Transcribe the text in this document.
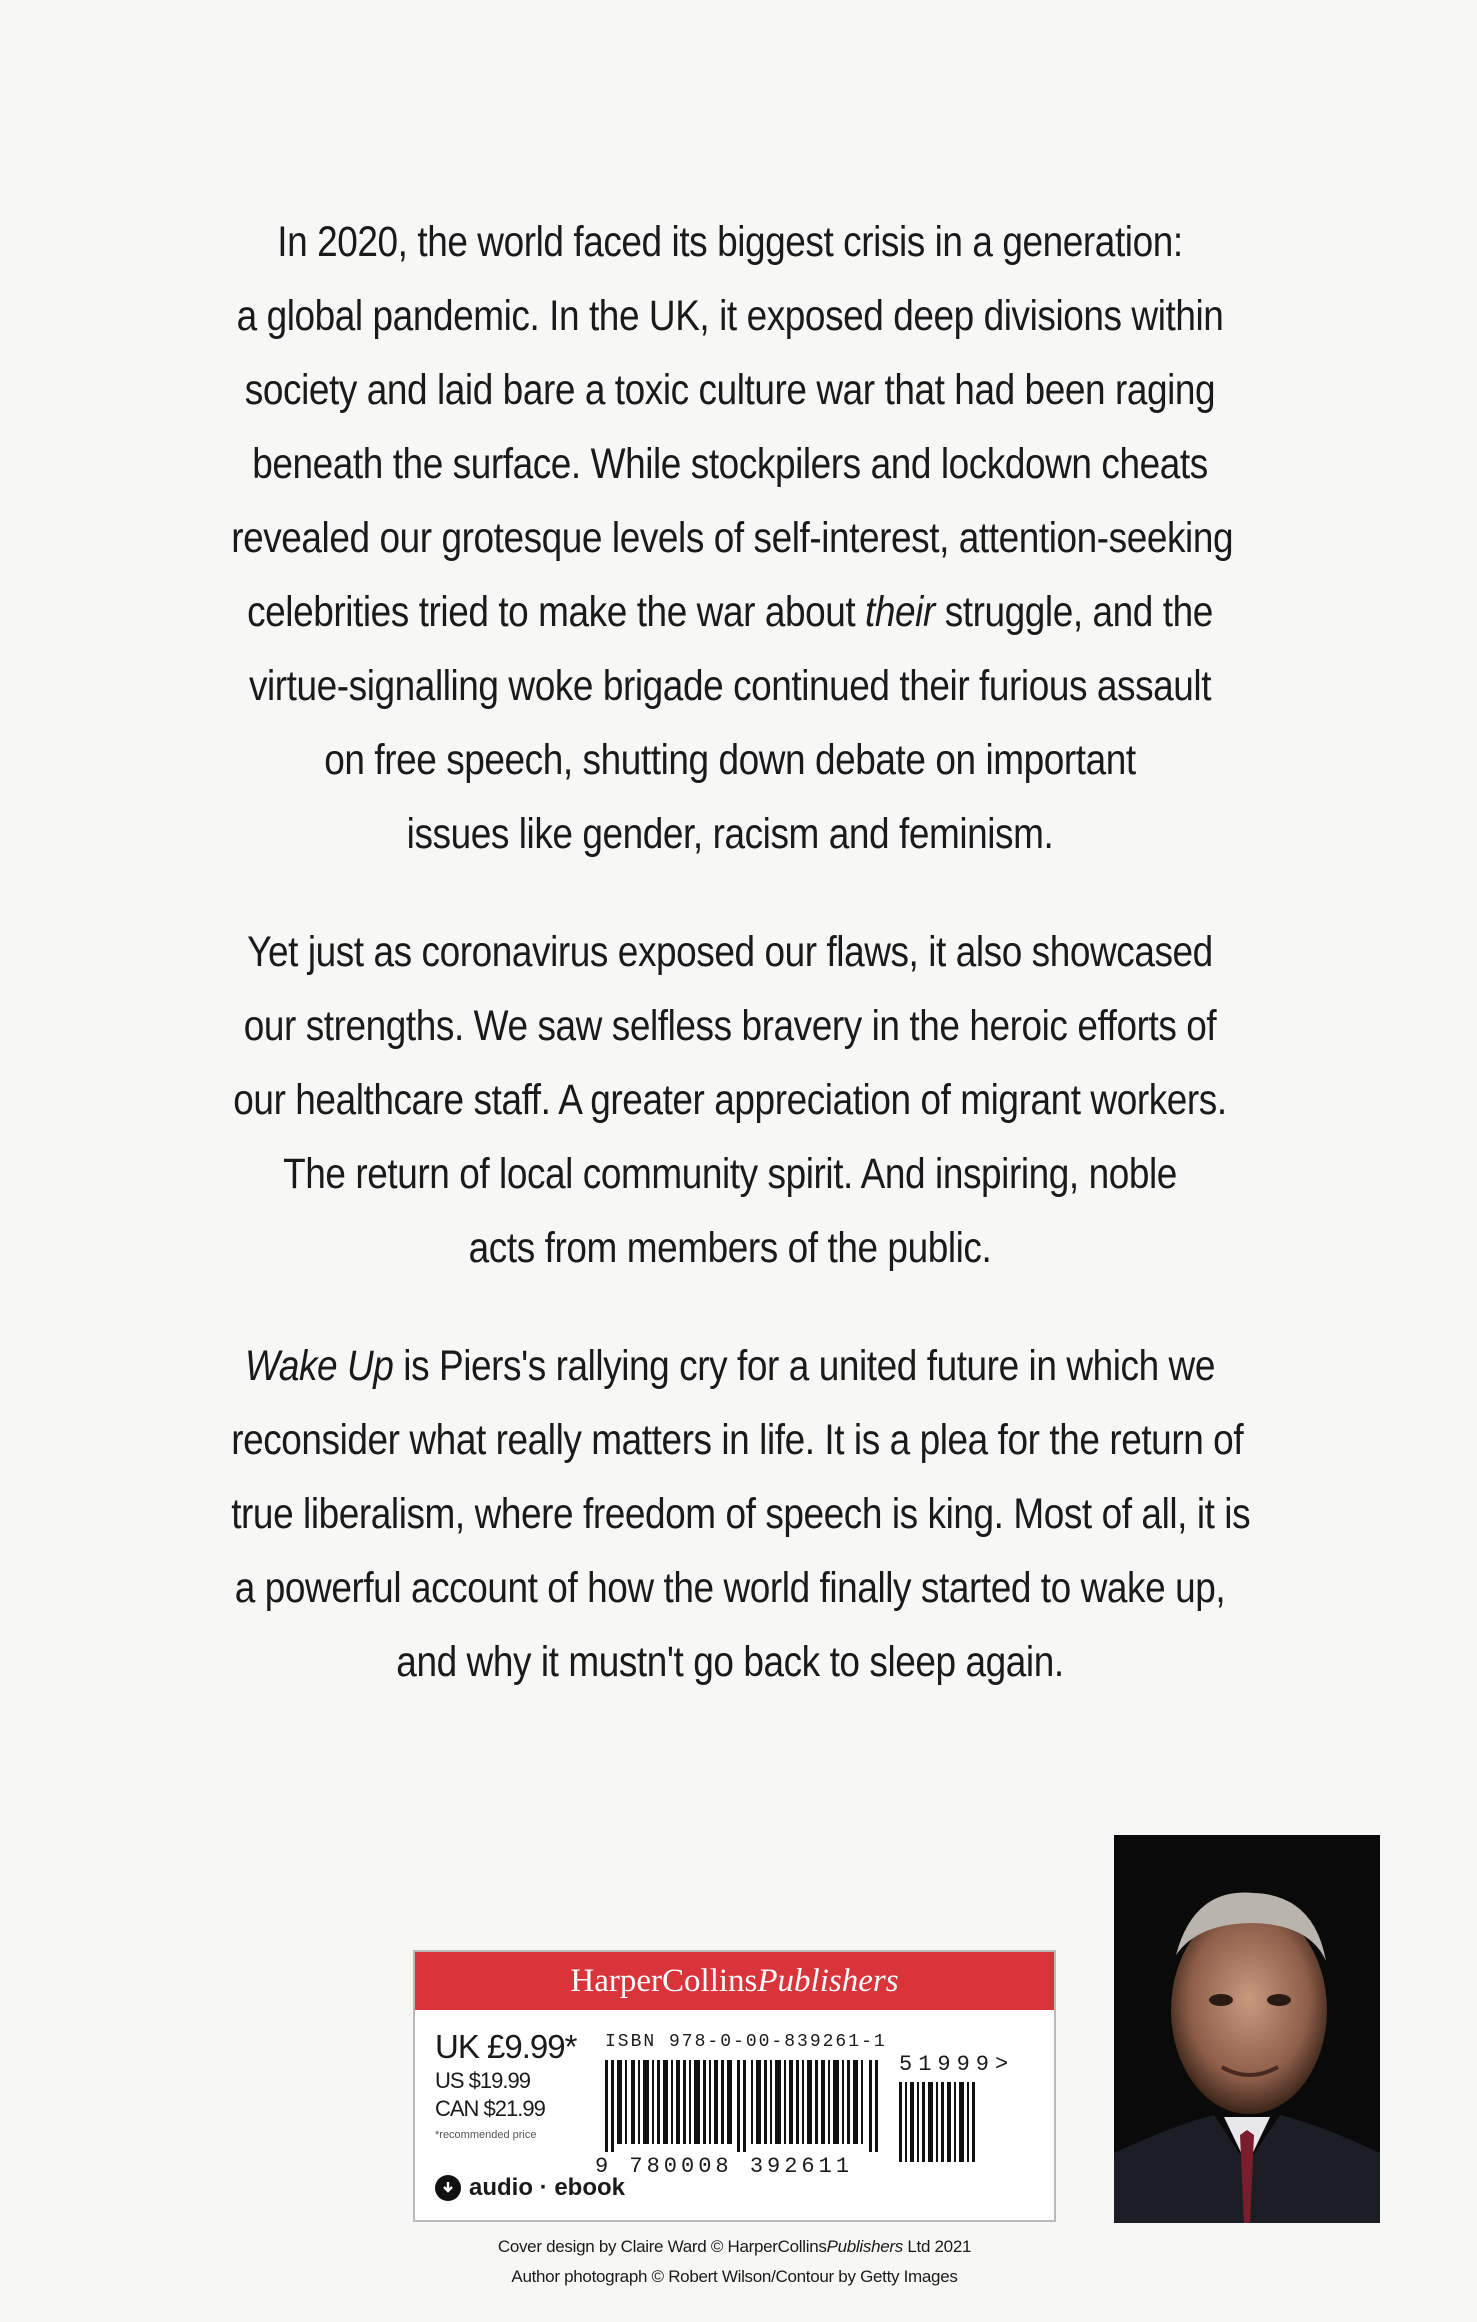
In 2020, the world faced its biggest crisis in a generation:
a global pandemic. In the UK, it exposed deep divisions within
society and laid bare a toxic culture war that had been raging
beneath the surface. While stockpilers and lockdown cheats
revealed our grotesque levels of self-interest, attention-seeking
celebrities tried to make the war about their struggle, and the
virtue-signalling woke brigade continued their furious assault
on free speech, shutting down debate on important
issues like gender, racism and feminism.

Yet just as coronavirus exposed our flaws, it also showcased
our strengths. We saw selfless bravery in the heroic efforts of
our healthcare staff. A greater appreciation of migrant workers.
The return of local community spirit. And inspiring, noble
acts from members of the public.

Wake Up is Piers's rallying cry for a united future in which we
reconsider what really matters in life. It is a plea for the return of
true liberalism, where freedom of speech is king. Most of all, it is
a powerful account of how the world finally started to wake up,
and why it mustn't go back to sleep again.

HarperCollinsPublishers
UK £9.99*
US $19.99
CAN $21.99
*recommended price
ISBN 978-0-00-839261-1
9 780008 392611
51999>
audio · ebook
Cover design by Claire Ward © HarperCollinsPublishers Ltd 2021
Author photograph © Robert Wilson/Contour by Getty Images
